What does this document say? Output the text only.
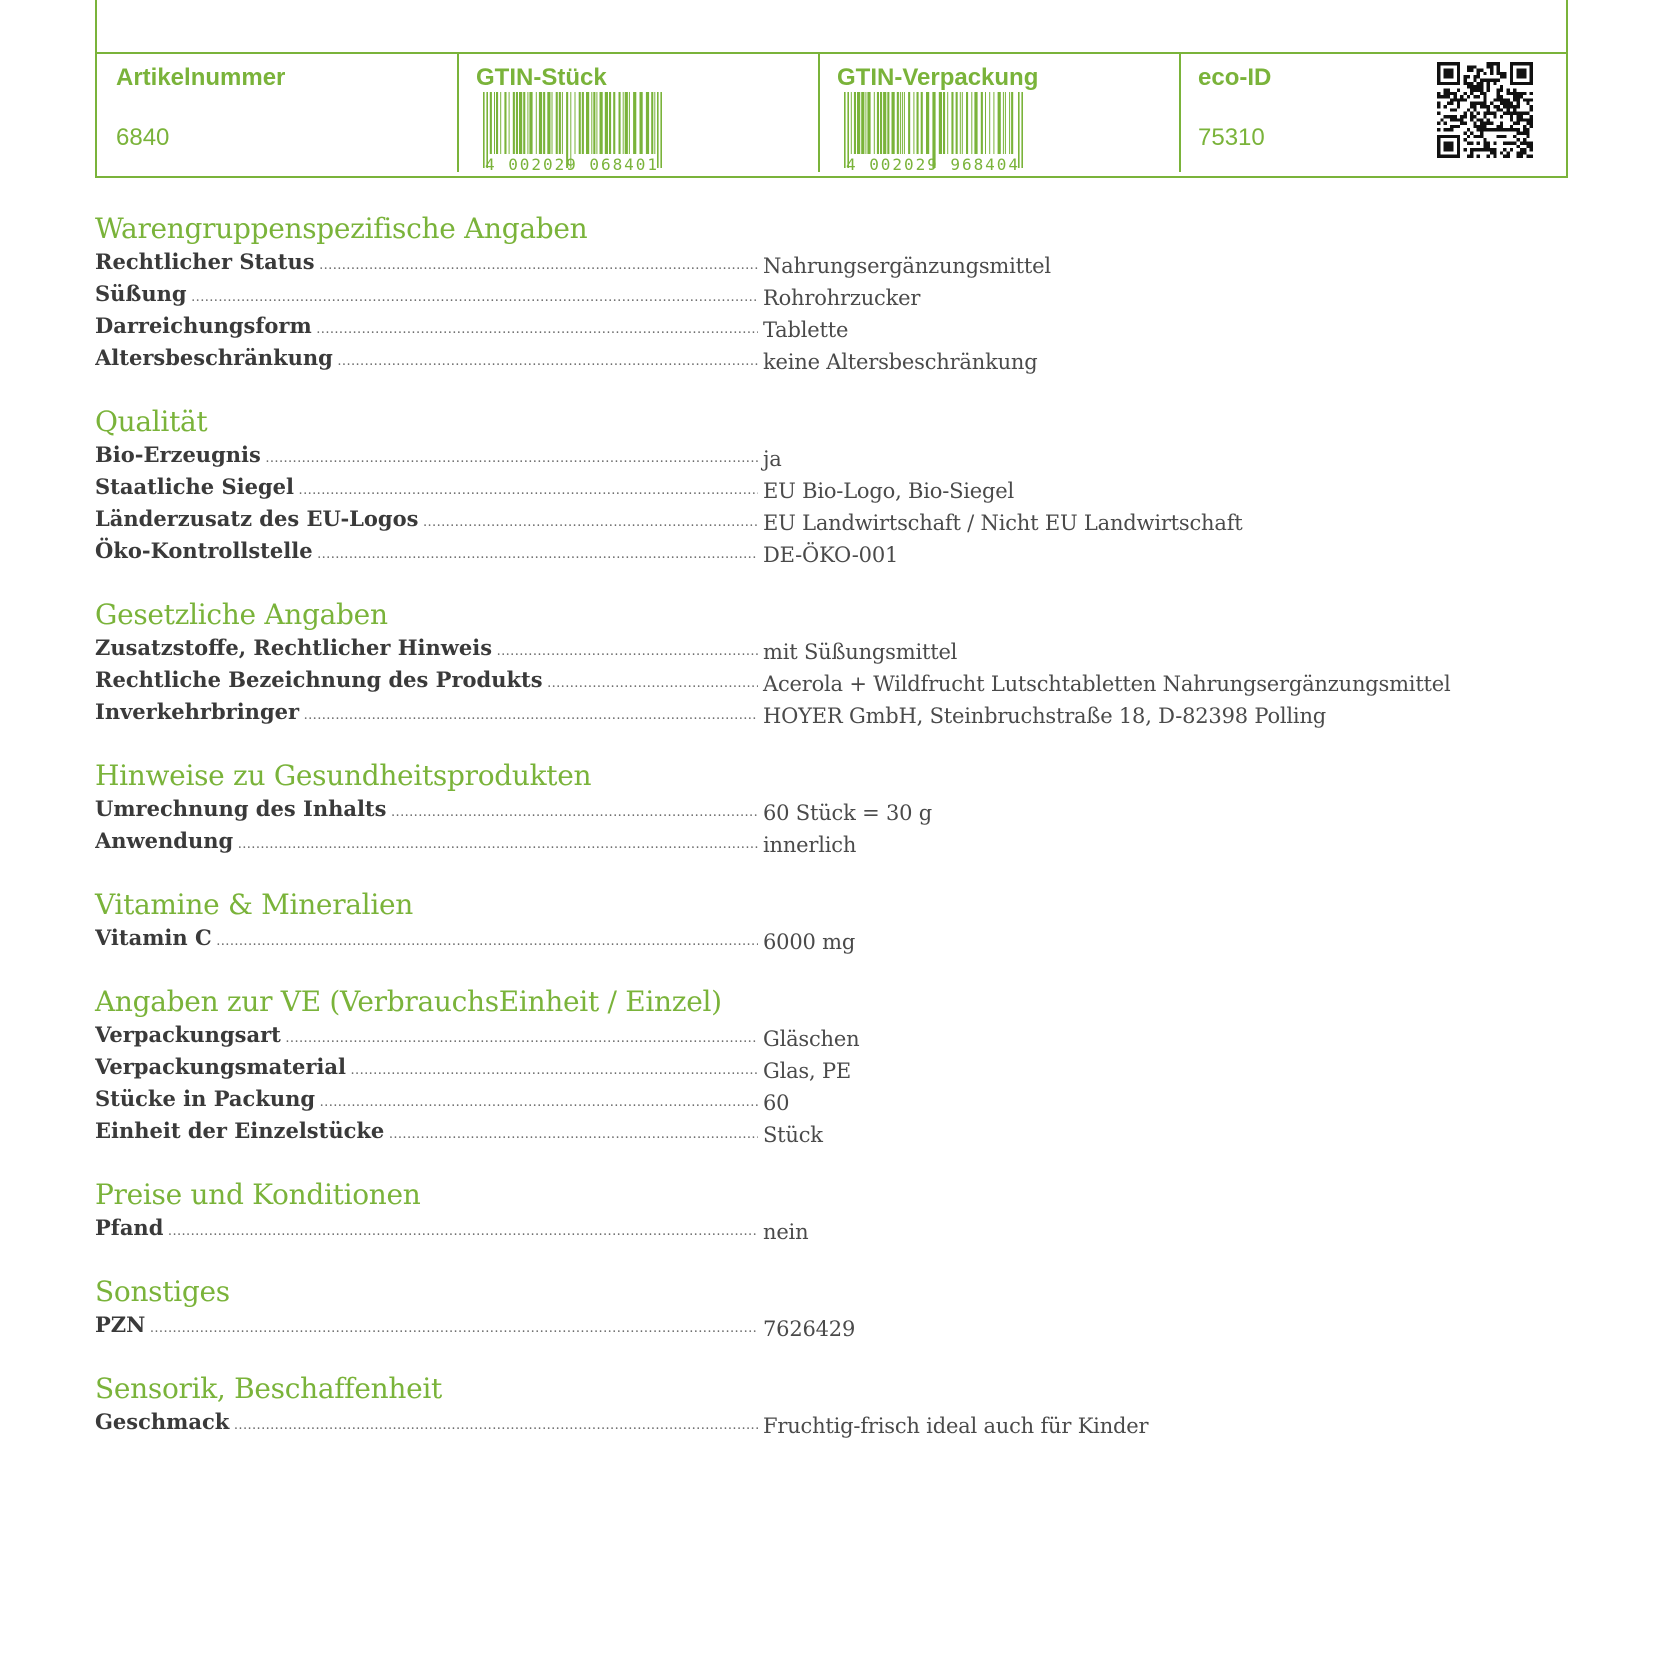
Artikelnummer
6840
GTIN-Stück
4 002029 068401
GTIN-Verpackung
4 002029 968404
eco-ID
75310
Warengruppenspezifische Angaben
Rechtlicher Status .....	Nahrungsergänzungsmittel
Süßung .....	Rohrohrzucker
Darreichungsform .....	Tablette
Altersbeschränkung .....	keine Altersbeschränkung
Qualität
Bio-Erzeugnis .....	ja
Staatliche Siegel .....	EU Bio-Logo, Bio-Siegel
Länderzusatz des EU-Logos .....	EU Landwirtschaft / Nicht EU Landwirtschaft
Öko-Kontrollstelle .....	DE-ÖKO-001
Gesetzliche Angaben
Zusatzstoffe, Rechtlicher Hinweis .....	mit Süßungsmittel
Rechtliche Bezeichnung des Produkts .....	Acerola + Wildfrucht Lutschtabletten Nahrungsergänzungsmittel
Inverkehrbringer .....	HOYER GmbH, Steinbruchstraße 18, D-82398 Polling
Hinweise zu Gesundheitsprodukten
Umrechnung des Inhalts .....	60 Stück = 30 g
Anwendung .....	innerlich
Vitamine & Mineralien
Vitamin C .....	6000 mg
Angaben zur VE (VerbrauchsEinheit / Einzel)
Verpackungsart .....	Gläschen
Verpackungsmaterial .....	Glas, PE
Stücke in Packung .....	60
Einheit der Einzelstücke .....	Stück
Preise und Konditionen
Pfand .....	nein
Sonstiges
PZN .....	7626429
Sensorik, Beschaffenheit
Geschmack .....	Fruchtig-frisch ideal auch für Kinder
